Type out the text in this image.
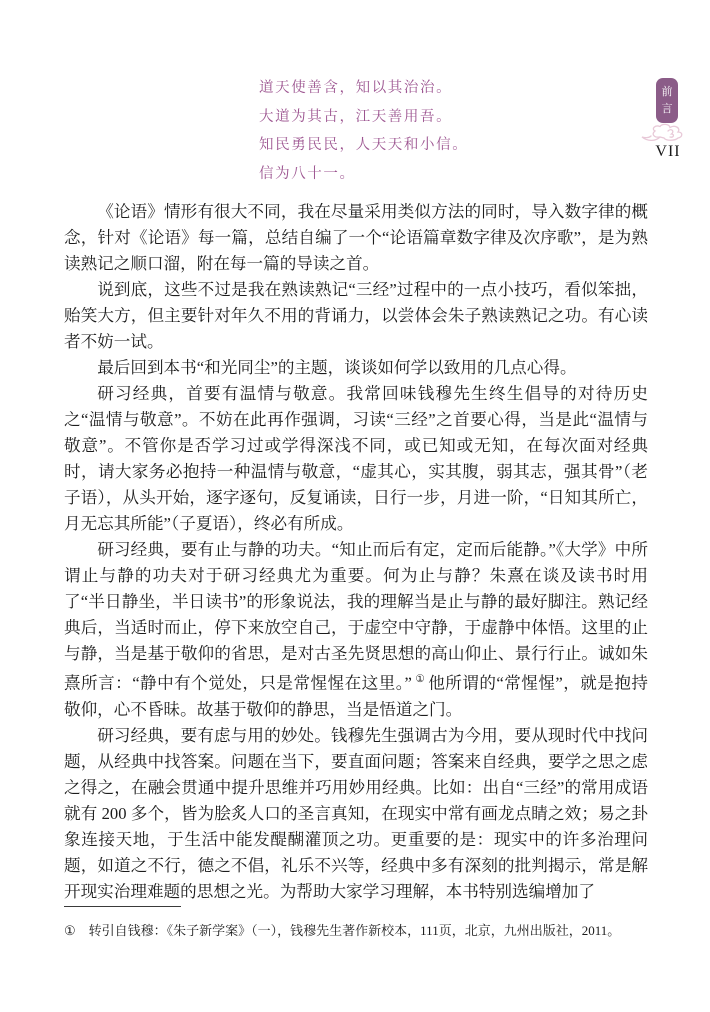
道天使善含，知以其治治。
大道为其古，江天善用吾。
知民勇民民，人天天和小信。
信为八十一。
前言
VII

《论语》情形有很大不同，我在尽量采用类似方法的同时，导入数字律的概念，针对《论语》每一篇，总结自编了一个“论语篇章数字律及次序歌”，是为熟读熟记之顺口溜，附在每一篇的导读之首。

说到底，这些不过是我在熟读熟记“三经”过程中的一点小技巧，看似笨拙，贻笑大方，但主要针对年久不用的背诵力，以尝体会朱子熟读熟记之功。有心读者不妨一试。

最后回到本书“和光同尘”的主题，谈谈如何学以致用的几点心得。

研习经典，首要有温情与敬意。我常回味钱穆先生终生倡导的对待历史之“温情与敬意”。不妨在此再作强调，习读“三经”之首要心得，当是此“温情与敬意”。不管你是否学习过或学得深浅不同，或已知或无知，在每次面对经典时，请大家务必抱持一种温情与敬意，“虚其心，实其腹，弱其志，强其骨”（老子语），从头开始，逐字逐句，反复诵读，日行一步，月进一阶，“日知其所亡，月无忘其所能”（子夏语），终必有所成。

研习经典，要有止与静的功夫。“知止而后有定，定而后能静。”《大学》中所谓止与静的功夫对于研习经典尤为重要。何为止与静？朱熹在谈及读书时用了“半日静坐，半日读书”的形象说法，我的理解当是止与静的最好脚注。熟记经典后，当适时而止，停下来放空自己，于虚空中守静，于虚静中体悟。这里的止与静，当是基于敬仰的省思，是对古圣先贤思想的高山仰止、景行行止。诚如朱熹所言：“静中有个觉处，只是常惺惺在这里。” ① 他所谓的“常惺惺”，就是抱持敬仰，心不昏昧。故基于敬仰的静思，当是悟道之门。

研习经典，要有虑与用的妙处。钱穆先生强调古为今用，要从现时代中找问题，从经典中找答案。问题在当下，要直面问题；答案来自经典，要学之思之虑之得之，在融会贯通中提升思维并巧用妙用经典。比如：出自“三经”的常用成语就有 200 多个，皆为脍炙人口的圣言真知，在现实中常有画龙点睛之效；易之卦象连接天地，于生活中能发醍醐灌顶之功。更重要的是：现实中的许多治理问题，如道之不行，德之不倡，礼乐不兴等，经典中多有深刻的批判揭示，常是解开现实治理难题的思想之光。为帮助大家学习理解，本书特别选编增加了

① 转引自钱穆：《朱子新学案》（一），钱穆先生著作新校本，111页，北京，九州出版社，2011。
